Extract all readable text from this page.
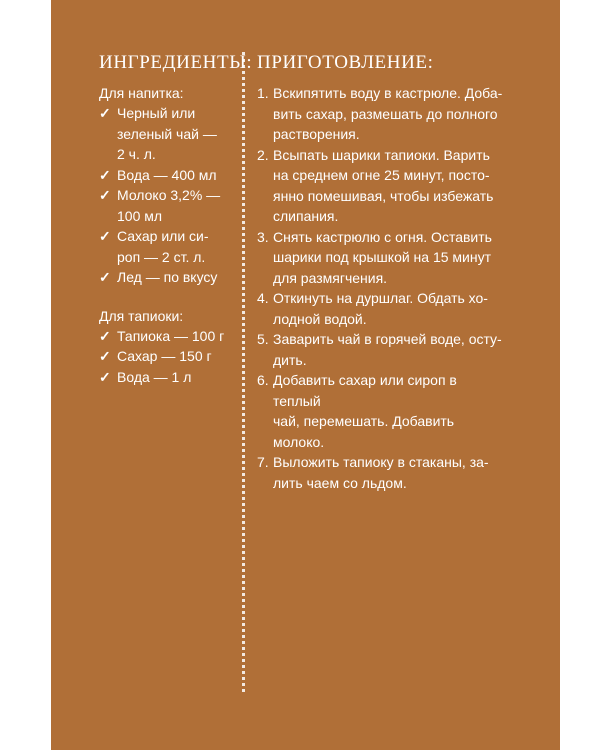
ИНГРЕДИЕНТЫ:

Для напитка:

✓ Черный или
зеленый чай —
2 ч. л.
✓ Вода — 400 мл
✓ Молоко 3,2% —
100 мл
✓ Сахар или си-
роп — 2 ст. л.
✓ Лед — по вкусу

Для тапиоки:

✓ Тапиока — 100 г
✓ Сахар — 150 г
✓ Вода — 1 л
ПРИГОТОВЛЕНИЕ:
1. Вскипятить воду в кастрюле. Доба-
вить сахар, размешать до полного
растворения.
2. Всыпать шарики тапиоки. Варить
на среднем огне 25 минут, посто-
янно помешивая, чтобы избежать
слипания.
3. Снять кастрюлю с огня. Оставить
шарики под крышкой на 15 минут
для размягчения.
4. Откинуть на дуршлаг. Обдать хо-
лодной водой.
5. Заварить чай в горячей воде, осту-
дить.
6. Добавить сахар или сироп в теплый
чай, перемешать. Добавить молоко.
7. Выложить тапиоку в стаканы, за-
лить чаем со льдом.
